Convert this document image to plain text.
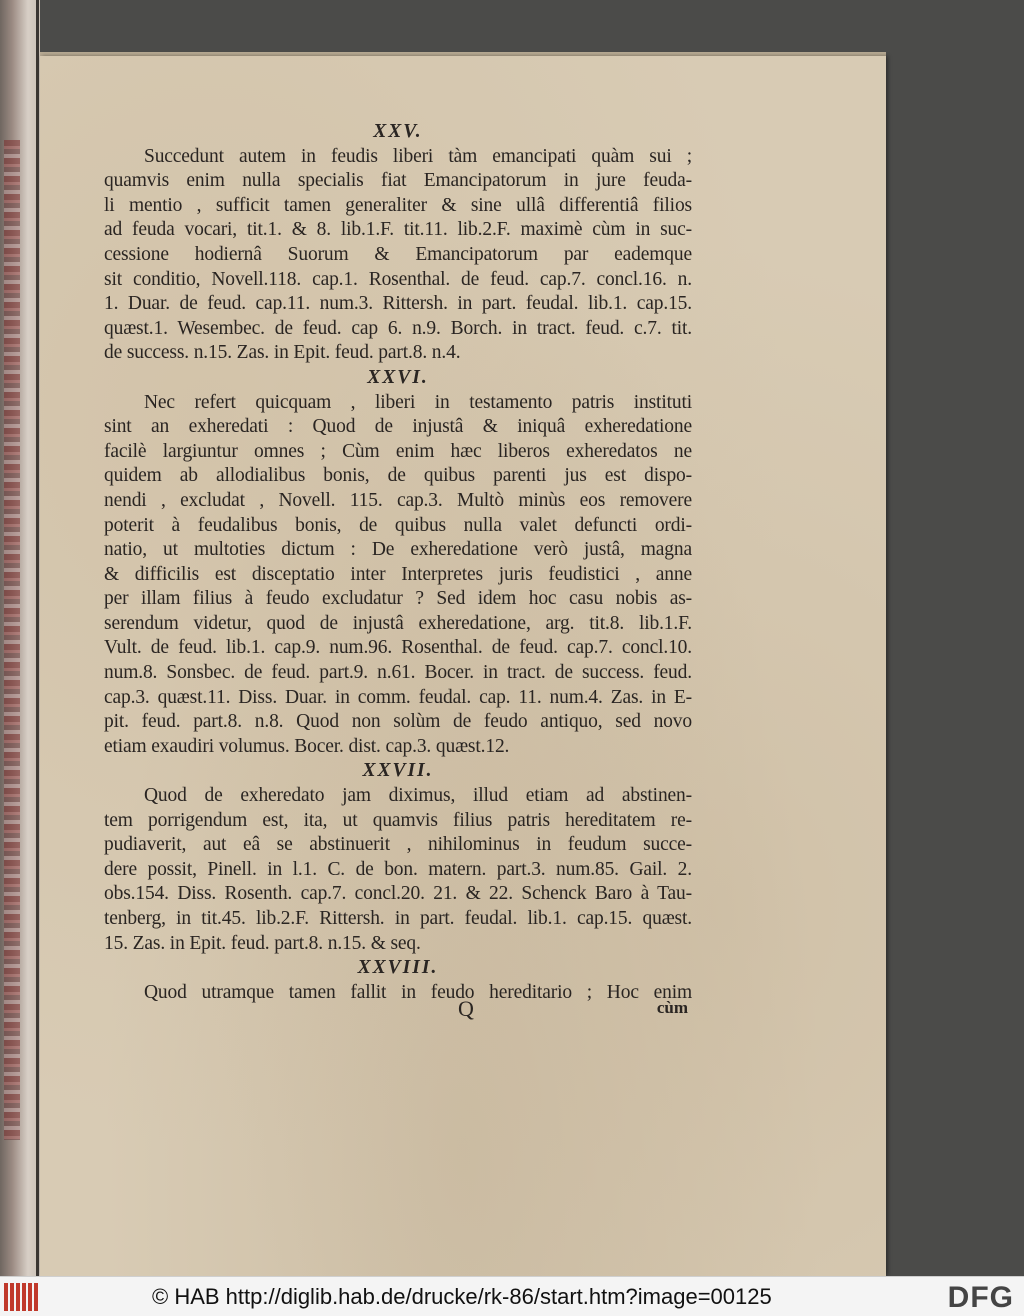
XXV.
Succedunt autem in feudis liberi tàm emancipati quàm sui ;
quamvis enim nulla specialis fiat Emancipatorum in jure feuda-
li mentio , sufficit tamen generaliter & sine ullâ differentiâ filios
ad feuda vocari, tit.1. & 8. lib.1.F. tit.11. lib.2.F. maximè cùm in suc-
cessione hodiernâ Suorum & Emancipatorum par eademque
sit conditio, Novell.118. cap.1. Rosenthal. de feud. cap.7. concl.16. n.
1. Duar. de feud. cap.11. num.3. Rittersh. in part. feudal. lib.1. cap.15.
quæst.1. Wesembec. de feud. cap 6. n.9. Borch. in tract. feud. c.7. tit.
de success. n.15. Zas. in Epit. feud. part.8. n.4.
XXVI.
Nec refert quicquam , liberi in testamento patris instituti
sint an exheredati : Quod de injustâ & iniquâ exheredatione
facilè largiuntur omnes ; Cùm enim hæc liberos exheredatos ne
quidem ab allodialibus bonis, de quibus parenti jus est dispo-
nendi , excludat , Novell. 115. cap.3. Multò minùs eos removere
poterit à feudalibus bonis, de quibus nulla valet defuncti ordi-
natio, ut multoties dictum : De exheredatione verò justâ, magna
& difficilis est disceptatio inter Interpretes juris feudistici , anne
per illam filius à feudo excludatur ? Sed idem hoc casu nobis as-
serendum videtur, quod de injustâ exheredatione, arg. tit.8. lib.1.F.
Vult. de feud. lib.1. cap.9. num.96. Rosenthal. de feud. cap.7. concl.10.
num.8. Sonsbec. de feud. part.9. n.61. Bocer. in tract. de success. feud.
cap.3. quæst.11. Diss. Duar. in comm. feudal. cap. 11. num.4. Zas. in E-
pit. feud. part.8. n.8. Quod non solùm de feudo antiquo, sed novo
etiam exaudiri volumus. Bocer. dist. cap.3. quæst.12.
XXVII.
Quod de exheredato jam diximus, illud etiam ad abstinen-
tem porrigendum est, ita, ut quamvis filius patris hereditatem re-
pudiaverit, aut eâ se abstinuerit , nihilominus in feudum succe-
dere possit, Pinell. in l.1. C. de bon. matern. part.3. num.85. Gail. 2.
obs.154. Diss. Rosenth. cap.7. concl.20. 21. & 22. Schenck Baro à Tau-
tenberg, in tit.45. lib.2.F. Rittersh. in part. feudal. lib.1. cap.15. quæst.
15. Zas. in Epit. feud. part.8. n.15. & seq.
XXVIII.
Quod utramque tamen fallit in feudo hereditario ; Hoc enim
Q	cùm
© HAB http://diglib.hab.de/drucke/rk-86/start.htm?image=00125	DFG
